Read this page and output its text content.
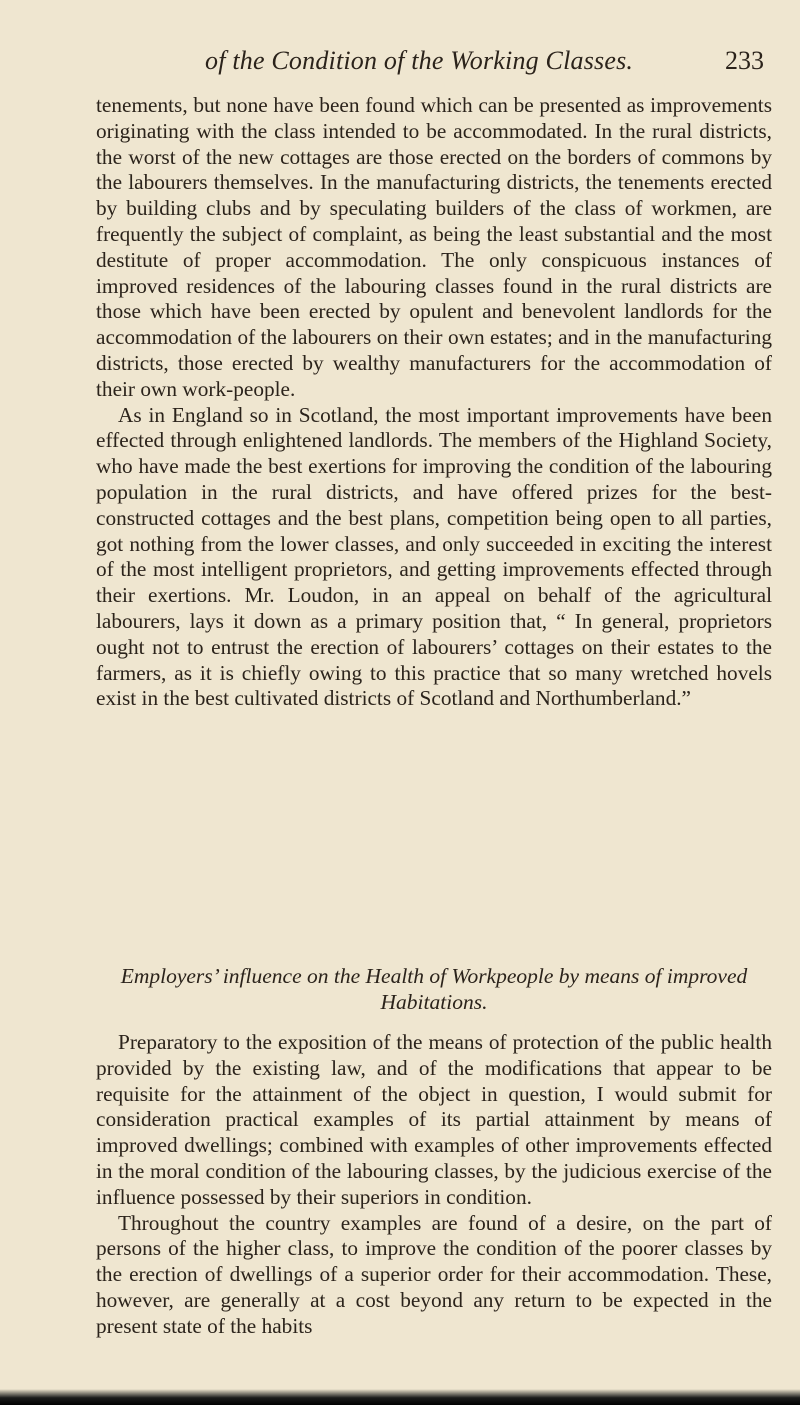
of the Condition of the Working Classes.	233

tenements, but none have been found which can be presented as improvements originating with the class intended to be accommodated. In the rural districts, the worst of the new cottages are those erected on the borders of commons by the labourers themselves. In the manufacturing districts, the tenements erected by building clubs and by speculating builders of the class of workmen, are frequently the subject of complaint, as being the least substantial and the most destitute of proper accommodation. The only conspicuous instances of improved residences of the labouring classes found in the rural districts are those which have been erected by opulent and benevolent landlords for the accommodation of the labourers on their own estates; and in the manufacturing districts, those erected by wealthy manufacturers for the accommodation of their own work-people.

As in England so in Scotland, the most important improvements have been effected through enlightened landlords. The members of the Highland Society, who have made the best exertions for improving the condition of the labouring population in the rural districts, and have offered prizes for the best-constructed cottages and the best plans, competition being open to all parties, got nothing from the lower classes, and only succeeded in exciting the interest of the most intelligent proprietors, and getting improvements effected through their exertions. Mr. Loudon, in an appeal on behalf of the agricultural labourers, lays it down as a primary position that, “ In general, proprietors ought not to entrust the erection of labourers’ cottages on their estates to the farmers, as it is chiefly owing to this practice that so many wretched hovels exist in the best cultivated districts of Scotland and Northumberland.”

Employers’ influence on the Health of Workpeople by means of improved Habitations.

Preparatory to the exposition of the means of protection of the public health provided by the existing law, and of the modifications that appear to be requisite for the attainment of the object in question, I would submit for consideration practical examples of its partial attainment by means of improved dwellings; combined with examples of other improvements effected in the moral condition of the labouring classes, by the judicious exercise of the influence possessed by their superiors in condition.

Throughout the country examples are found of a desire, on the part of persons of the higher class, to improve the condition of the poorer classes by the erection of dwellings of a superior order for their accommodation. These, however, are generally at a cost beyond any return to be expected in the present state of the habits
